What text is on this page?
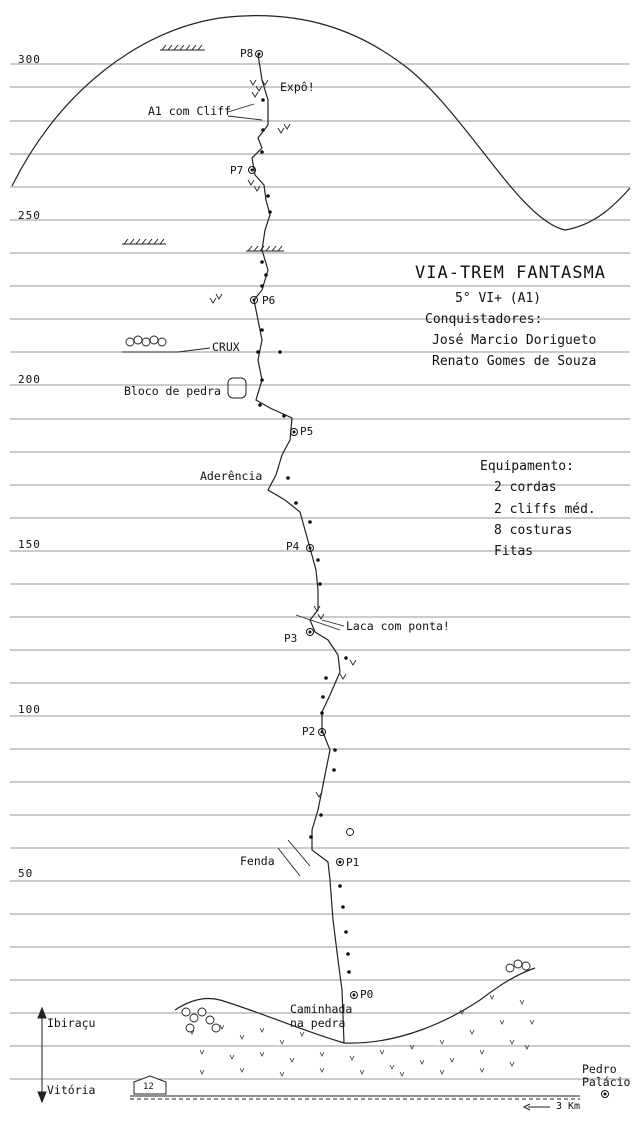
300
250
200
150
100
50
P8
P7
P6
P5
P4
P3
P2
P1
P0
Expô!
A1 com Cliff
CRUX
Bloco de pedra
Aderência
Laca com ponta!
Fenda
Caminhada
na pedra
VIA-TREM FANTASMA
5° VI+ (A1)
Conquistadores:
José Marcio Dorigueto
Renato Gomes de Souza
Equipamento:
2 cordas
2 cliffs méd.
8 costuras
Fitas
Ibiraçu
Vitória	12
Pedro
Palácio
3 Km
